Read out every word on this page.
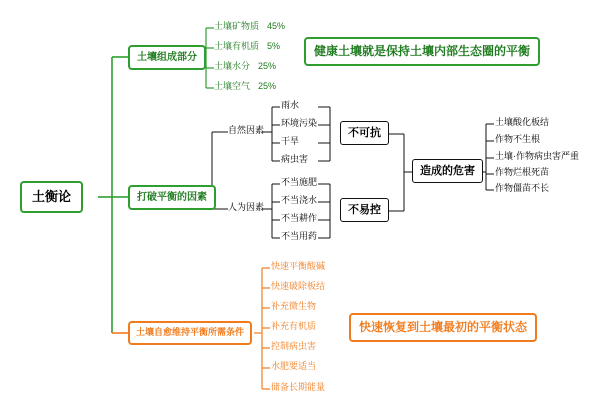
土衡论
土壤组成部分
土壤矿物质 45%
土壤有机质 5%
土壤水分 25%
土壤空气 25%
健康土壤就是保持土壤内部生态圈的平衡
打破平衡的因素
自然因素
人为因素
雨水
环境污染
干旱
病虫害
不当施肥
不当浇水
不当耕作
不当用药
不可抗
不易控
造成的危害
土壤酸化板结
作物不生根
土壤·作物病虫害严重
作物烂根死苗
作物僵苗不长
土壤自愈维持平衡所需条件
快速平衡酸碱
快速破除板结
补充微生物
补充有机质
控制病虫害
水肥要适当
储备长期能量
快速恢复到土壤最初的平衡状态
